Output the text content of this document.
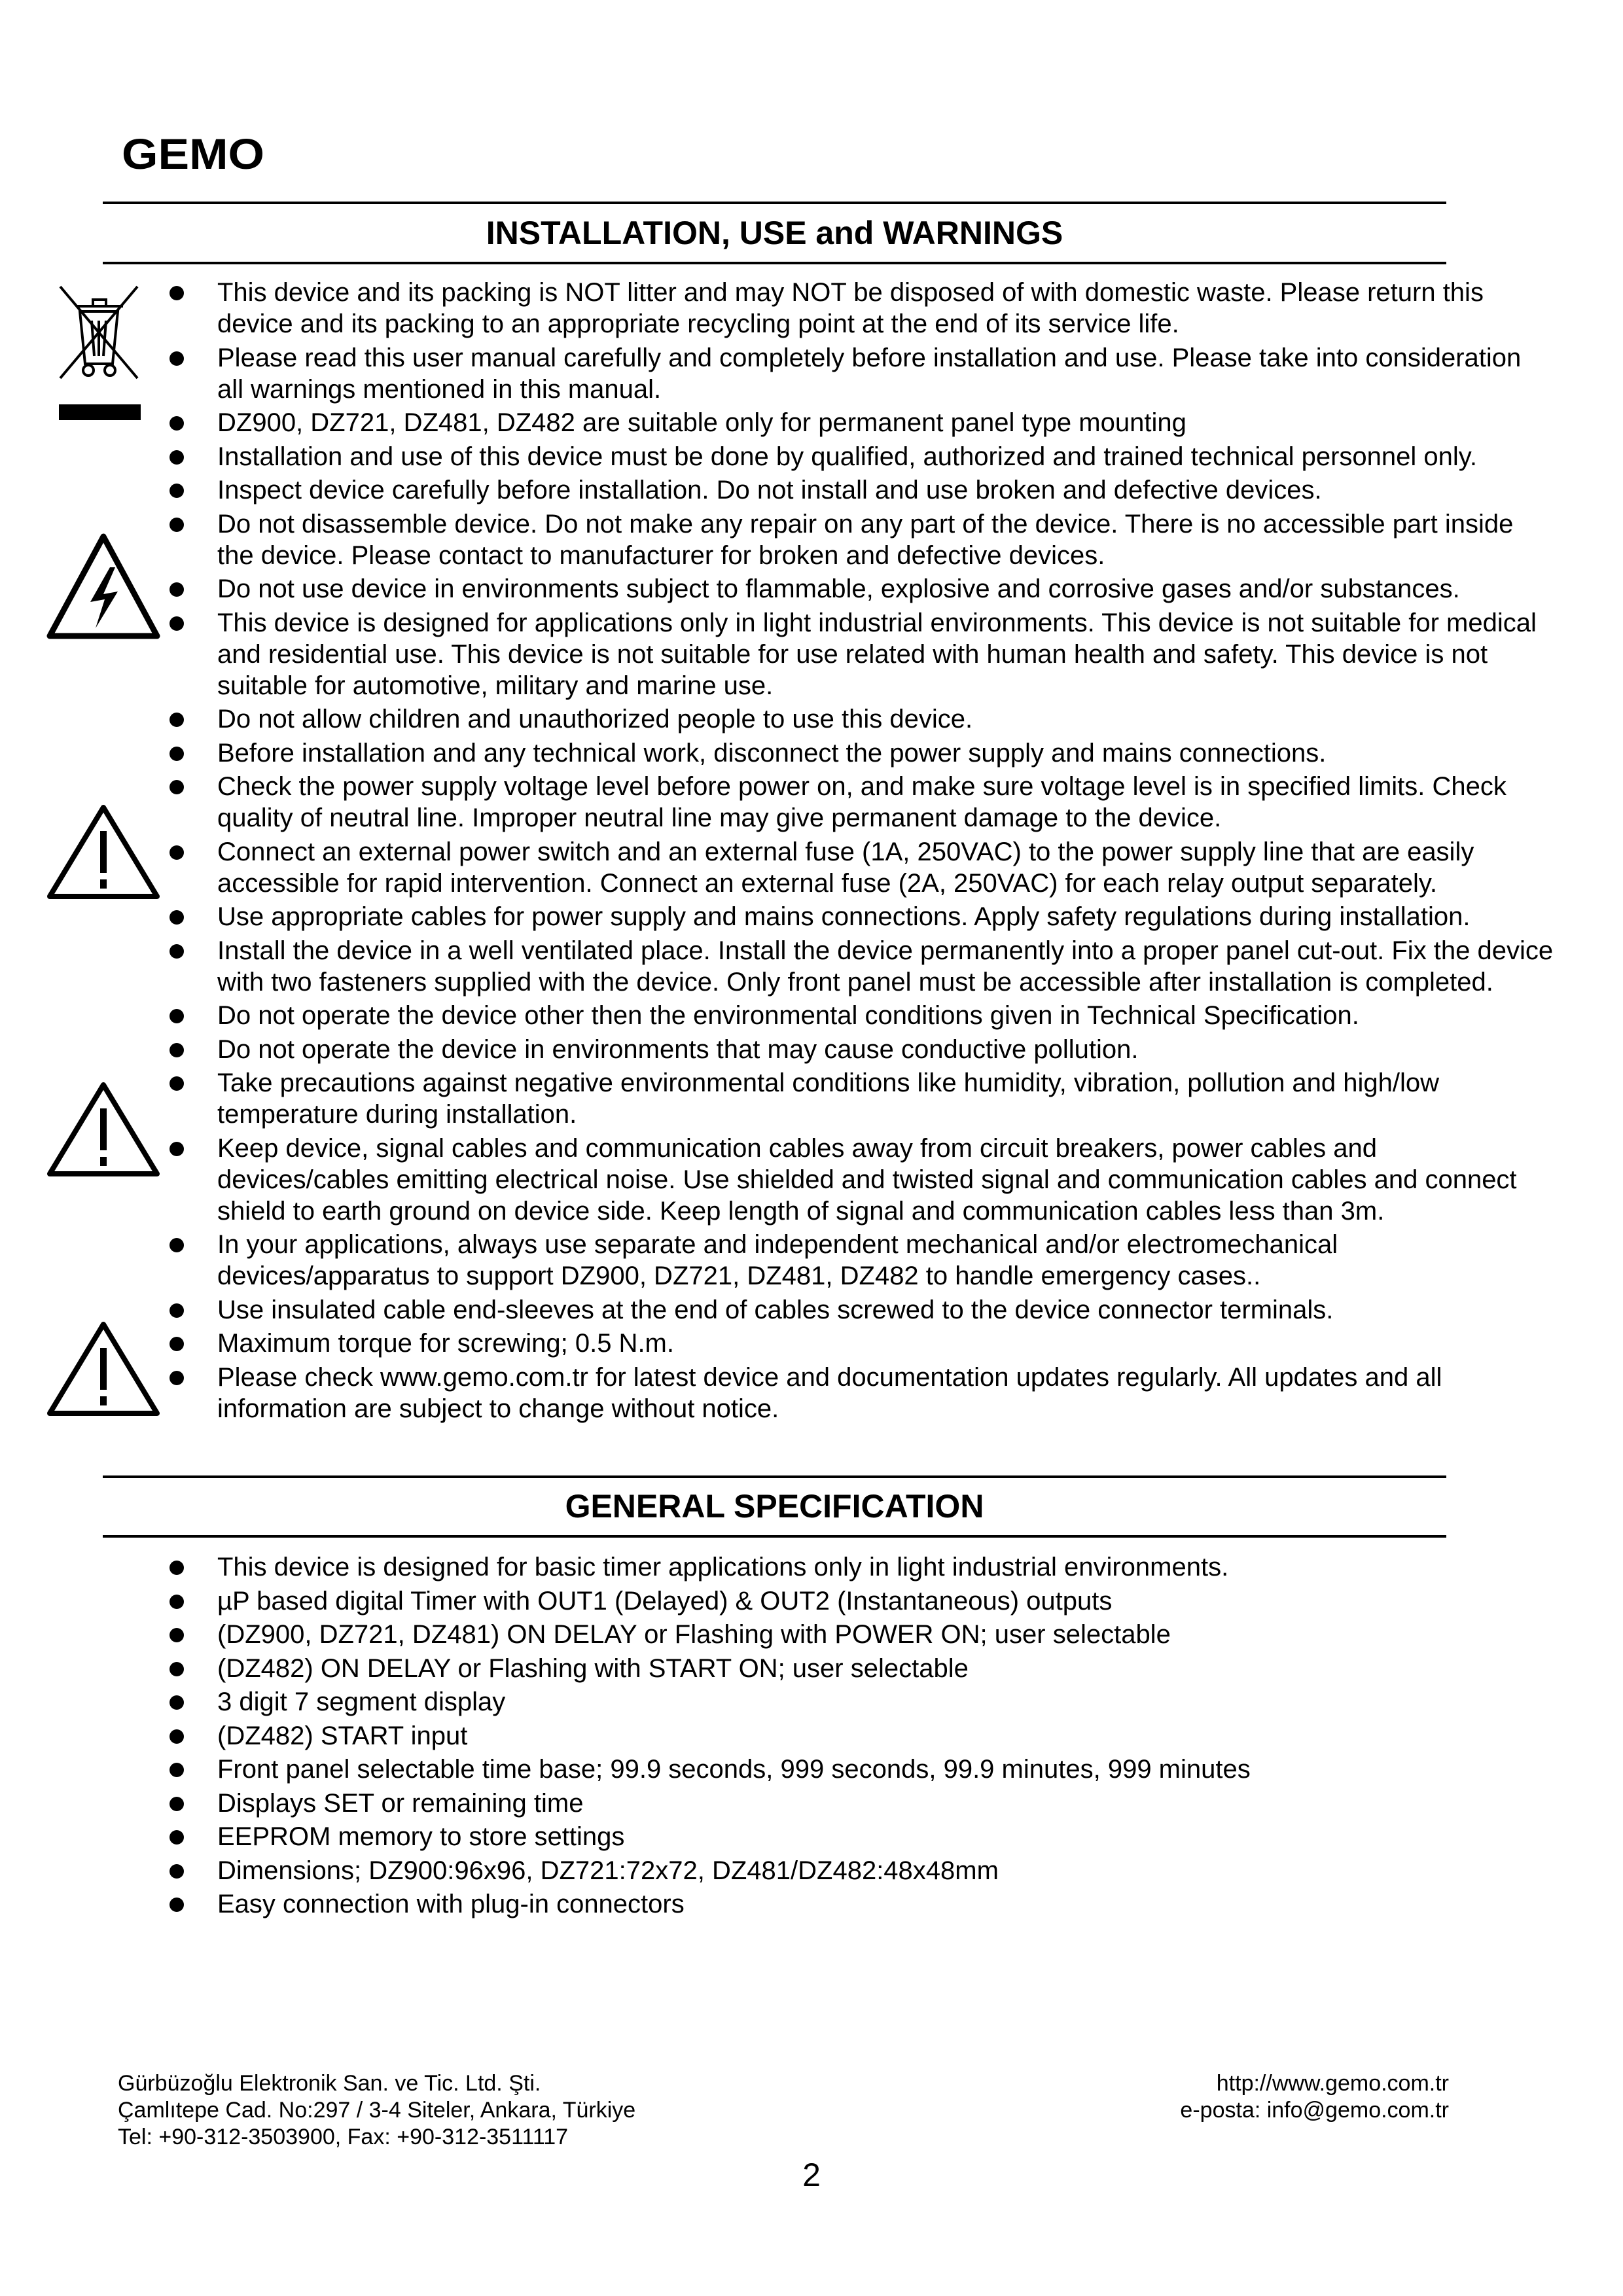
GEMO
INSTALLATION, USE and WARNINGS
This device and its packing is NOT litter and may NOT be disposed of with domestic waste. Please return this device and its packing to an appropriate recycling point at the end of its service life.
Please read this user manual carefully and completely before installation and use. Please take into consideration all warnings mentioned in this manual.
DZ900, DZ721, DZ481, DZ482 are suitable only for permanent panel type mounting
Installation and use of this device must be done by qualified, authorized and trained technical personnel only.
Inspect device carefully before installation. Do not install and use broken and defective devices.
Do not disassemble device. Do not make any repair on any part of the device. There is no accessible part inside the device. Please contact to manufacturer for broken and defective devices.
Do not use device in environments subject to flammable, explosive and corrosive gases and/or substances.
This device is designed for applications only in light industrial environments. This device is not suitable for medical and residential use. This device is not suitable for use related with human health and safety. This device is not suitable for automotive, military and marine use.
Do not allow children and unauthorized people to use this device.
Before installation and any technical work, disconnect the power supply and mains connections.
Check the power supply voltage level before power on, and make sure voltage level is in specified limits. Check quality of neutral line. Improper neutral line may give permanent damage to the device.
Connect an external power switch and an external fuse (1A, 250VAC) to the power supply line that are easily accessible for rapid intervention. Connect an external fuse (2A, 250VAC) for each relay output separately.
Use appropriate cables for power supply and mains connections. Apply safety regulations during installation.
Install the device in a well ventilated place. Install the device permanently into a proper panel cut-out. Fix the device with two fasteners supplied with the device. Only front panel must be accessible after installation is completed.
Do not operate the device other then the environmental conditions given in Technical Specification.
Do not operate the device in environments that may cause conductive pollution.
Take precautions against negative environmental conditions like humidity, vibration, pollution and high/low temperature during installation.
Keep device, signal cables and communication cables away from circuit breakers, power cables and devices/cables emitting electrical noise. Use shielded and twisted signal and communication cables and connect shield to earth ground on device side. Keep length of signal and communication cables less than 3m.
In your applications, always use separate and independent mechanical and/or electromechanical devices/apparatus to support DZ900, DZ721, DZ481, DZ482 to handle emergency cases..
Use insulated cable end-sleeves at the end of cables screwed to the device connector terminals.
Maximum torque for screwing; 0.5 N.m.
Please check www.gemo.com.tr for latest device and documentation updates regularly. All updates and all information are subject to change without notice.
GENERAL SPECIFICATION
This device is designed for basic timer applications only in light industrial environments.
µP based digital Timer with OUT1 (Delayed) & OUT2 (Instantaneous) outputs
(DZ900, DZ721, DZ481) ON DELAY or Flashing with POWER ON; user selectable
(DZ482) ON DELAY or Flashing with START ON; user selectable
3 digit 7 segment display
(DZ482) START input
Front panel selectable time base; 99.9 seconds, 999 seconds, 99.9 minutes, 999 minutes
Displays SET or remaining time
EEPROM memory to store settings
Dimensions; DZ900:96x96, DZ721:72x72, DZ481/DZ482:48x48mm
Easy connection with plug-in connectors
Gürbüzoğlu Elektronik San. ve Tic. Ltd. Şti.
Çamlıtepe Cad. No:297 / 3-4 Siteler, Ankara, Türkiye
Tel: +90-312-3503900, Fax: +90-312-3511117
http://www.gemo.com.tr
e-posta: info@gemo.com.tr
2
